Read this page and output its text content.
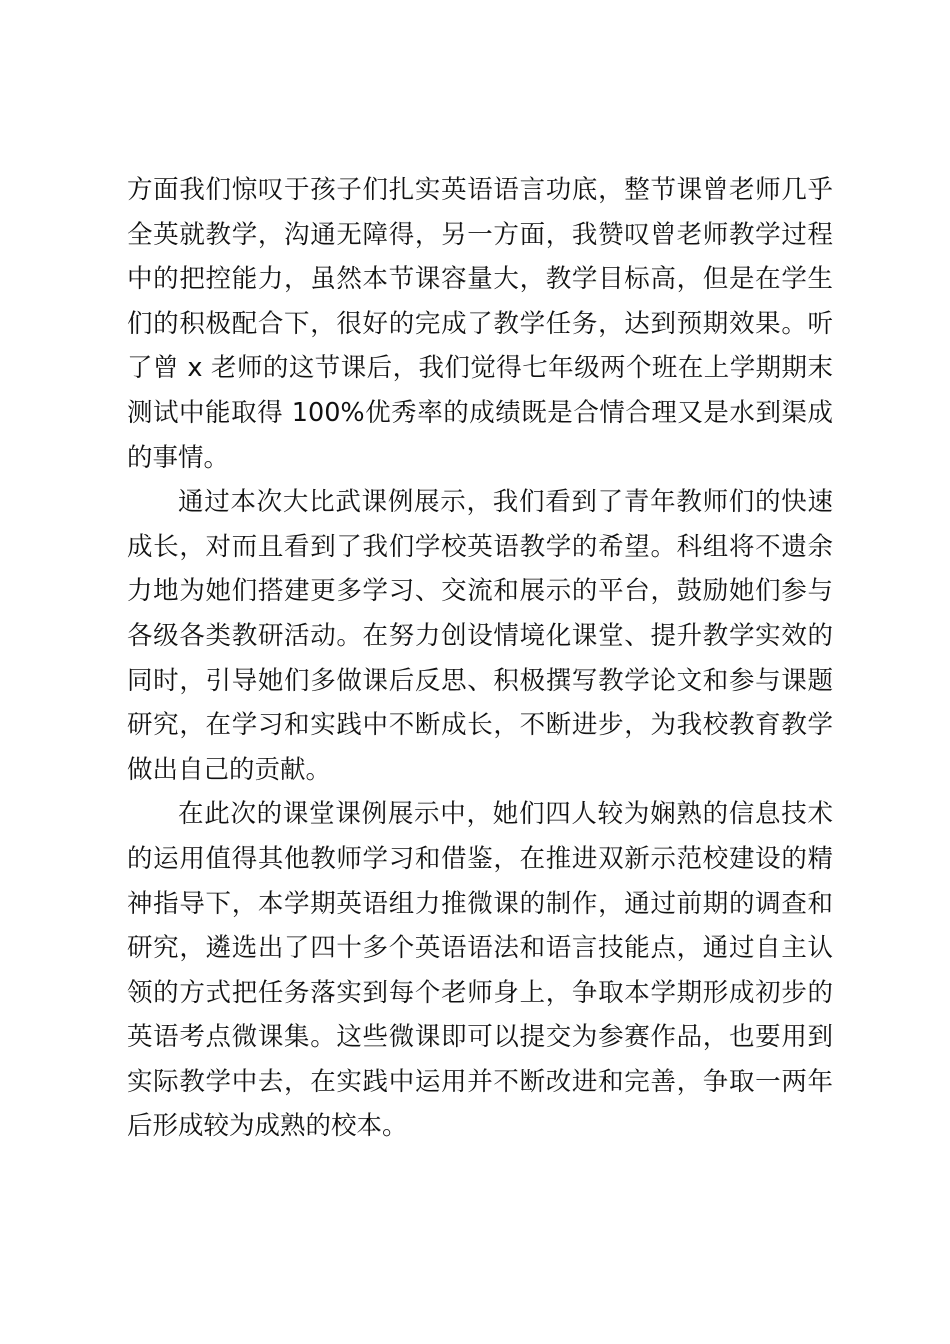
方面我们惊叹于孩子们扎实英语语言功底，整节课曾老师几乎全英就教学，沟通无障得，另一方面，我赞叹曾老师教学过程中的把控能力，虽然本节课容量大，教学目标高，但是在学生们的积极配合下，很好的完成了教学任务，达到预期效果。听了曾 x 老师的这节课后，我们觉得七年级两个班在上学期期末测试中能取得 100%优秀率的成绩既是合情合理又是水到渠成的事情。

通过本次大比武课例展示，我们看到了青年教师们的快速成长，对而且看到了我们学校英语教学的希望。科组将不遗余力地为她们搭建更多学习、交流和展示的平台，鼓励她们参与各级各类教研活动。在努力创设情境化课堂、提升教学实效的同时，引导她们多做课后反思、积极撰写教学论文和参与课题研究，在学习和实践中不断成长，不断进步，为我校教育教学做出自己的贡献。

在此次的课堂课例展示中，她们四人较为娴熟的信息技术的运用值得其他教师学习和借鉴，在推进双新示范校建设的精神指导下，本学期英语组力推微课的制作，通过前期的调查和研究，遴选出了四十多个英语语法和语言技能点，通过自主认领的方式把任务落实到每个老师身上，争取本学期形成初步的英语考点微课集。这些微课即可以提交为参赛作品，也要用到实际教学中去，在实践中运用并不断改进和完善，争取一两年后形成较为成熟的校本。
